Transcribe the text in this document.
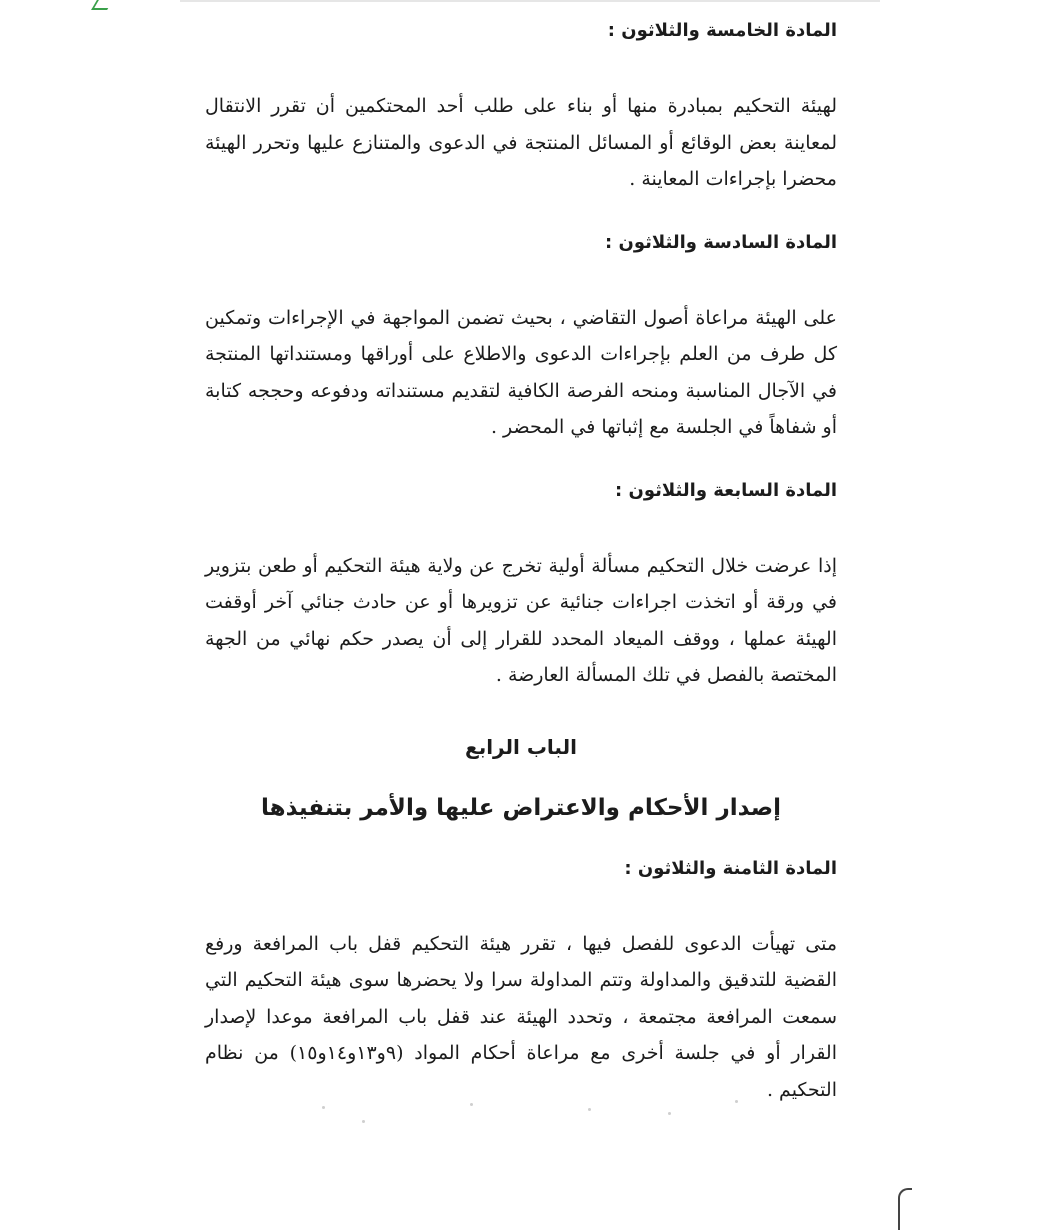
المادة الخامسة والثلاثون :

لهيئة التحكيم بمبادرة منها أو بناء على طلب أحد المحتكمين أن تقرر الانتقال لمعاينة بعض الوقائع أو المسائل المنتجة في الدعوى والمتنازع عليها وتحرر الهيئة محضرا بإجراءات المعاينة .

المادة السادسة والثلاثون :

على الهيئة مراعاة أصول التقاضي ، بحيث تضمن المواجهة في الإجراءات وتمكين كل طرف من العلم بإجراءات الدعوى والاطلاع على أوراقها ومستنداتها المنتجة في الآجال المناسبة ومنحه الفرصة الكافية لتقديم مستنداته ودفوعه وحججه كتابة أو شفاهاً في الجلسة مع إثباتها في المحضر .

المادة السابعة والثلاثون :

إذا عرضت خلال التحكيم مسألة أولية تخرج عن ولاية هيئة التحكيم أو طعن بتزوير في ورقة أو اتخذت اجراءات جنائية عن تزويرها أو عن حادث جنائي آخر أوقفت الهيئة عملها ، ووقف الميعاد المحدد للقرار إلى أن يصدر حكم نهائي من الجهة المختصة بالفصل في تلك المسألة العارضة .

الباب الرابع
إصدار الأحكام والاعتراض عليها والأمر بتنفيذها
المادة الثامنة والثلاثون :

متى تهيأت الدعوى للفصل فيها ، تقرر هيئة التحكيم قفل باب المرافعة ورفع القضية للتدقيق والمداولة وتتم المداولة سرا ولا يحضرها سوى هيئة التحكيم التي سمعت المرافعة مجتمعة ، وتحدد الهيئة عند قفل باب المرافعة موعدا لإصدار القرار أو في جلسة أخرى مع مراعاة أحكام المواد (٩و١٣و١٤و١٥) من نظام التحكيم .
